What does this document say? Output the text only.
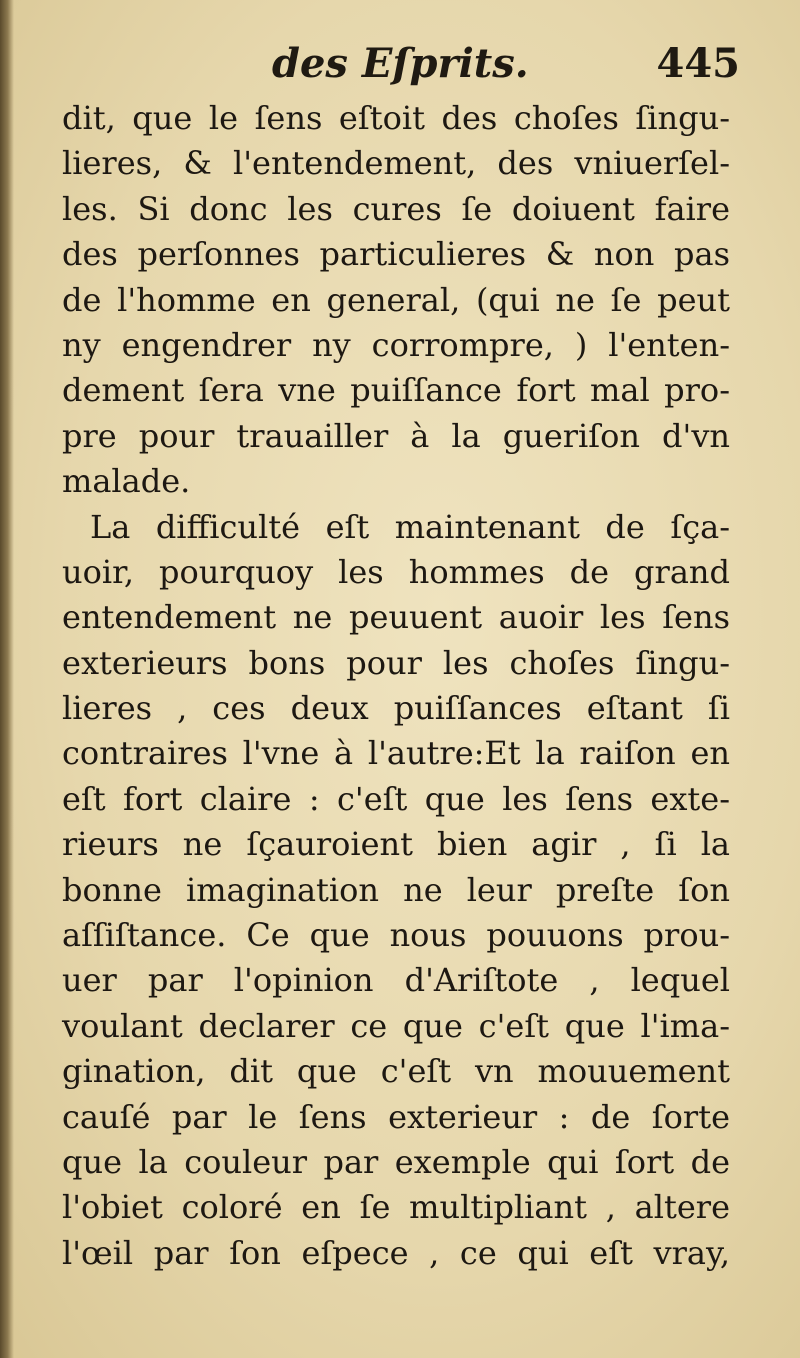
des Eſprits.	445
dit, que le ſens eſtoit des choſes ſingu-
lieres, & l'entendement, des vniuerſel-
les. Si donc les cures ſe doiuent faire
des perſonnes particulieres & non pas
de l'homme en general, (qui ne ſe peut
ny engendrer ny corrompre, ) l'enten-
dement ſera vne puiſſance fort mal pro-
pre pour trauailler à la gueriſon d'vn
malade.
La difficulté eſt maintenant de ſça-
uoir, pourquoy les hommes de grand
entendement ne peuuent auoir les ſens
exterieurs bons pour les choſes ſingu-
lieres , ces deux puiſſances eſtant ſi
contraires l'vne à l'autre:Et la raiſon en
eſt fort claire : c'eſt que les ſens exte-
rieurs ne ſçauroient bien agir , ſi la
bonne imagination ne leur preſte ſon
aſſiſtance. Ce que nous pouuons prou-
uer par l'opinion d'Ariſtote , lequel
voulant declarer ce que c'eſt que l'ima-
gination, dit que c'eſt vn mouuement
cauſé par le ſens exterieur : de ſorte
que la couleur par exemple qui ſort de
l'obiet coloré en ſe multipliant , altere
l'œil par ſon eſpece , ce qui eſt vray,
